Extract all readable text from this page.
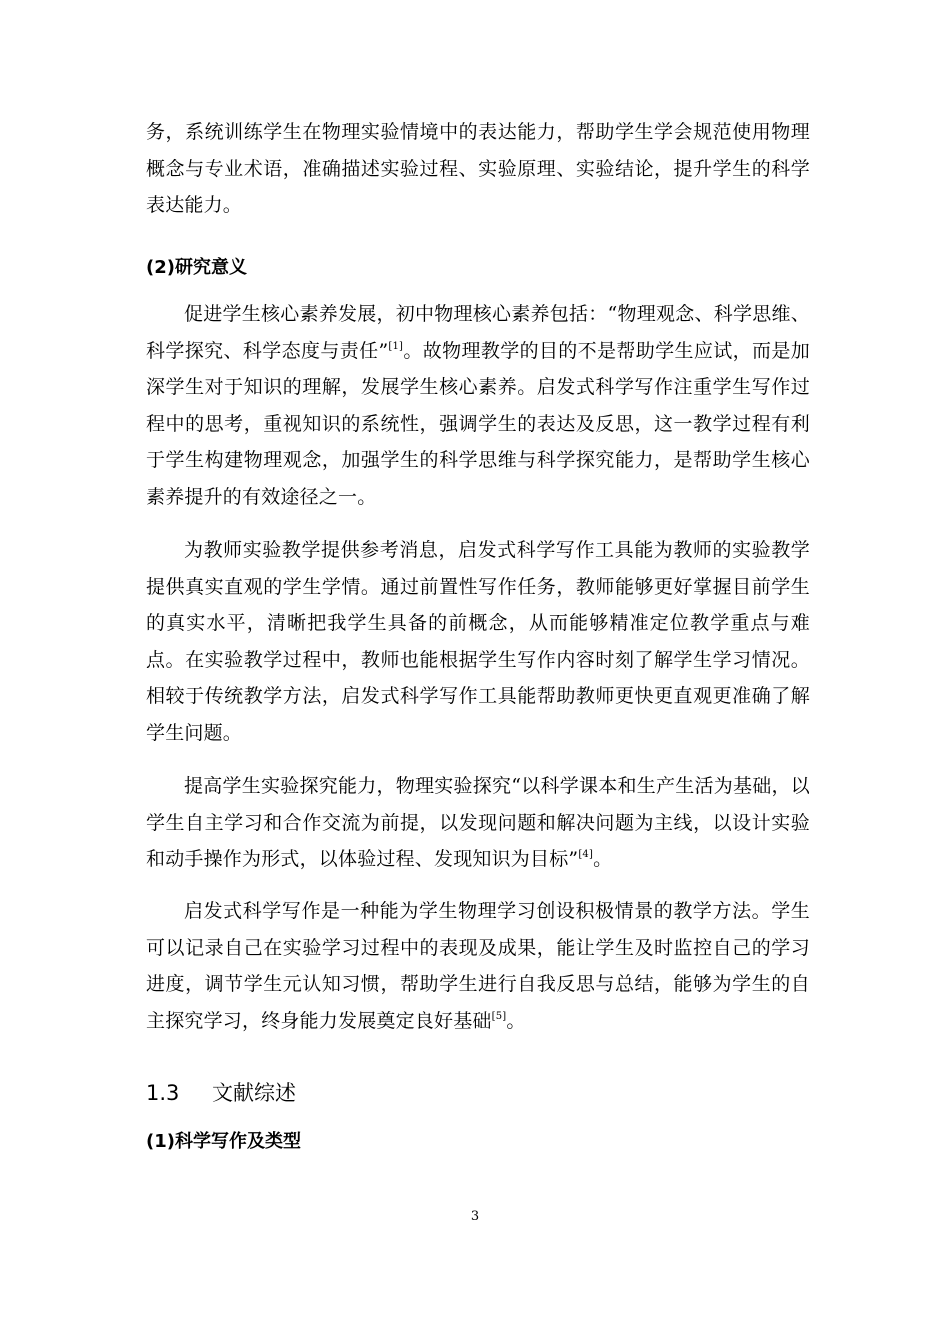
务，系统训练学生在物理实验情境中的表达能力，帮助学生学会规范使用物理概念与专业术语，准确描述实验过程、实验原理、实验结论，提升学生的科学表达能力。
(2)研究意义
促进学生核心素养发展，初中物理核心素养包括：“物理观念、科学思维、科学探究、科学态度与责任”[1]。故物理教学的目的不是帮助学生应试，而是加深学生对于知识的理解，发展学生核心素养。启发式科学写作注重学生写作过程中的思考，重视知识的系统性，强调学生的表达及反思，这一教学过程有利于学生构建物理观念，加强学生的科学思维与科学探究能力，是帮助学生核心素养提升的有效途径之一。
为教师实验教学提供参考消息，启发式科学写作工具能为教师的实验教学提供真实直观的学生学情。通过前置性写作任务，教师能够更好掌握目前学生的真实水平，清晰把我学生具备的前概念，从而能够精准定位教学重点与难点。在实验教学过程中，教师也能根据学生写作内容时刻了解学生学习情况。相较于传统教学方法，启发式科学写作工具能帮助教师更快更直观更准确了解学生问题。
提高学生实验探究能力，物理实验探究“以科学课本和生产生活为基础，以学生自主学习和合作交流为前提，以发现问题和解决问题为主线，以设计实验和动手操作为形式，以体验过程、发现知识为目标”[4]。
启发式科学写作是一种能为学生物理学习创设积极情景的教学方法。学生可以记录自己在实验学习过程中的表现及成果，能让学生及时监控自己的学习进度，调节学生元认知习惯，帮助学生进行自我反思与总结，能够为学生的自主探究学习，终身能力发展奠定良好基础[5]。
1.3 文献综述
(1)科学写作及类型
3
